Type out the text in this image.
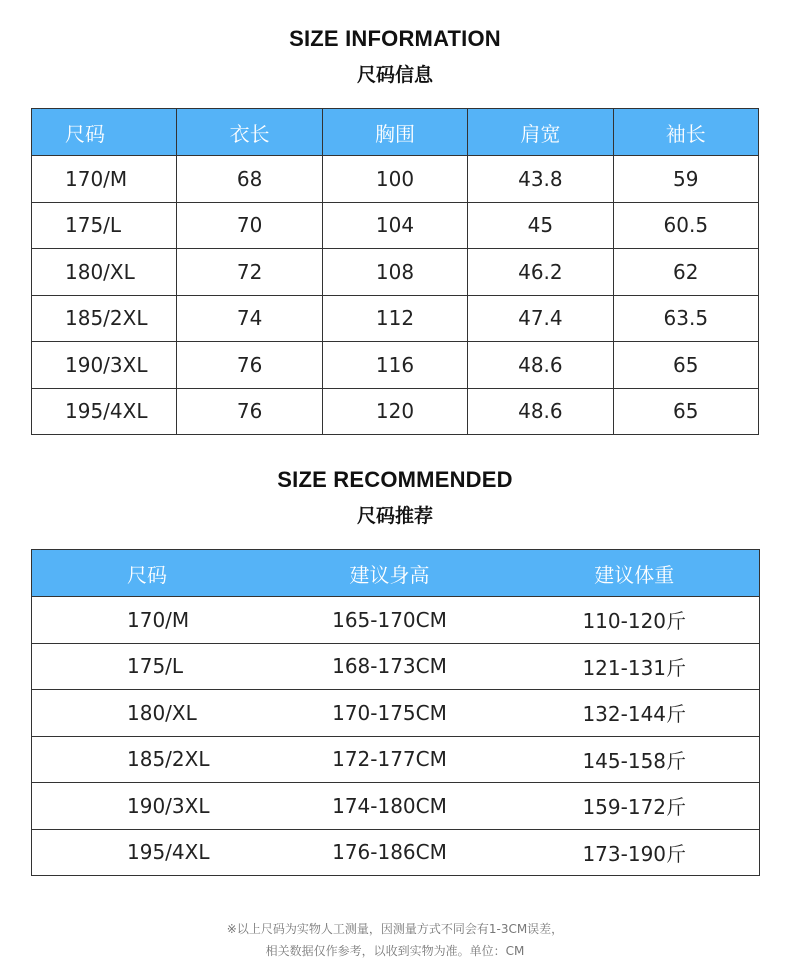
SIZE INFORMATION
尺码信息
尺码	衣长	胸围	肩宽	袖长
170/M	68	100	43.8	59
175/L	70	104	45	60.5
180/XL	72	108	46.2	62
185/2XL	74	112	47.4	63.5
190/3XL	76	116	48.6	65
195/4XL	76	120	48.6	65
SIZE RECOMMENDED
尺码推荐
尺码	建议身高	建议体重
170/M	165-170CM	110-120斤
175/L	168-173CM	121-131斤
180/XL	170-175CM	132-144斤
185/2XL	172-177CM	145-158斤
190/3XL	174-180CM	159-172斤
195/4XL	176-186CM	173-190斤
※以上尺码为实物人工测量，因测量方式不同会有1-3CM误差，
相关数据仅作参考，以收到实物为准。单位：CM
